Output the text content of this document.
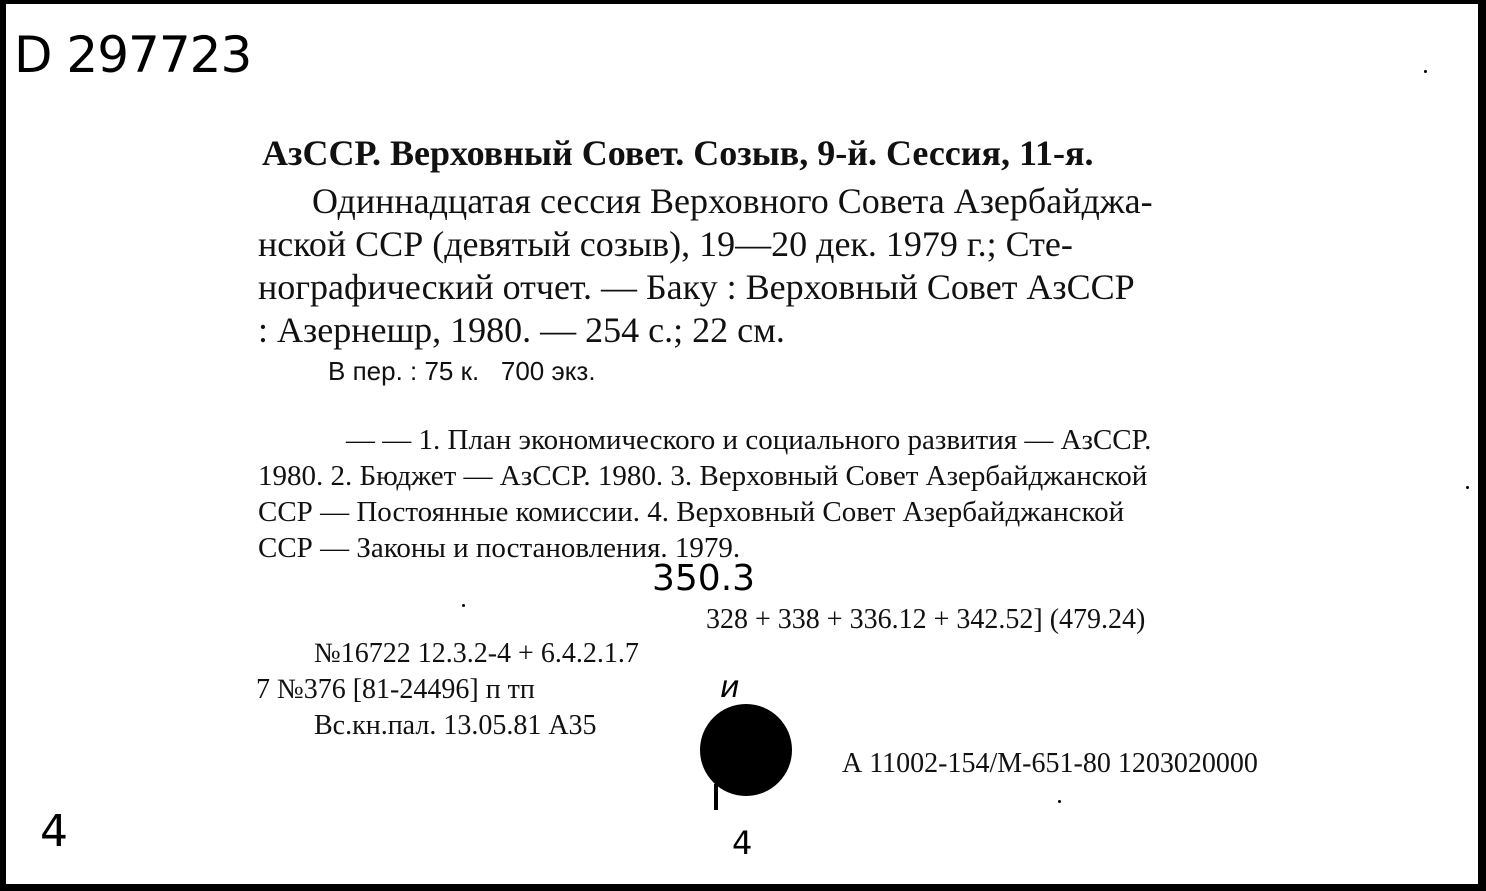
D 297723
АзССР. Верховный Совет. Созыв, 9-й. Сессия, 11-я.
Одиннадцатая сессия Верховного Совета Азербайджа-
нской ССР (девятый созыв), 19—20 дек. 1979 г.; Сте-
нографический отчет. — Баку : Верховный Совет АзССР
: Азернешр, 1980. — 254 с.; 22 см.
В пер. : 75 к.   700 экз.
— — 1. План экономического и социального развития — АзССР.
1980. 2. Бюджет — АзССР. 1980. 3. Верховный Совет Азербайджанской
ССР — Постоянные комиссии. 4. Верховный Совет Азербайджанской
ССР — Законы и постановления. 1979.
350.3
328 + 338 + 336.12 + 342.52] (479.24)
№16722 12.3.2-4 + 6.4.2.1.7
7 №376 [81-24496] п тп	и
Вс.кн.пал. 13.05.81 А35
А 11002-154/М-651-80 1203020000
4	4
